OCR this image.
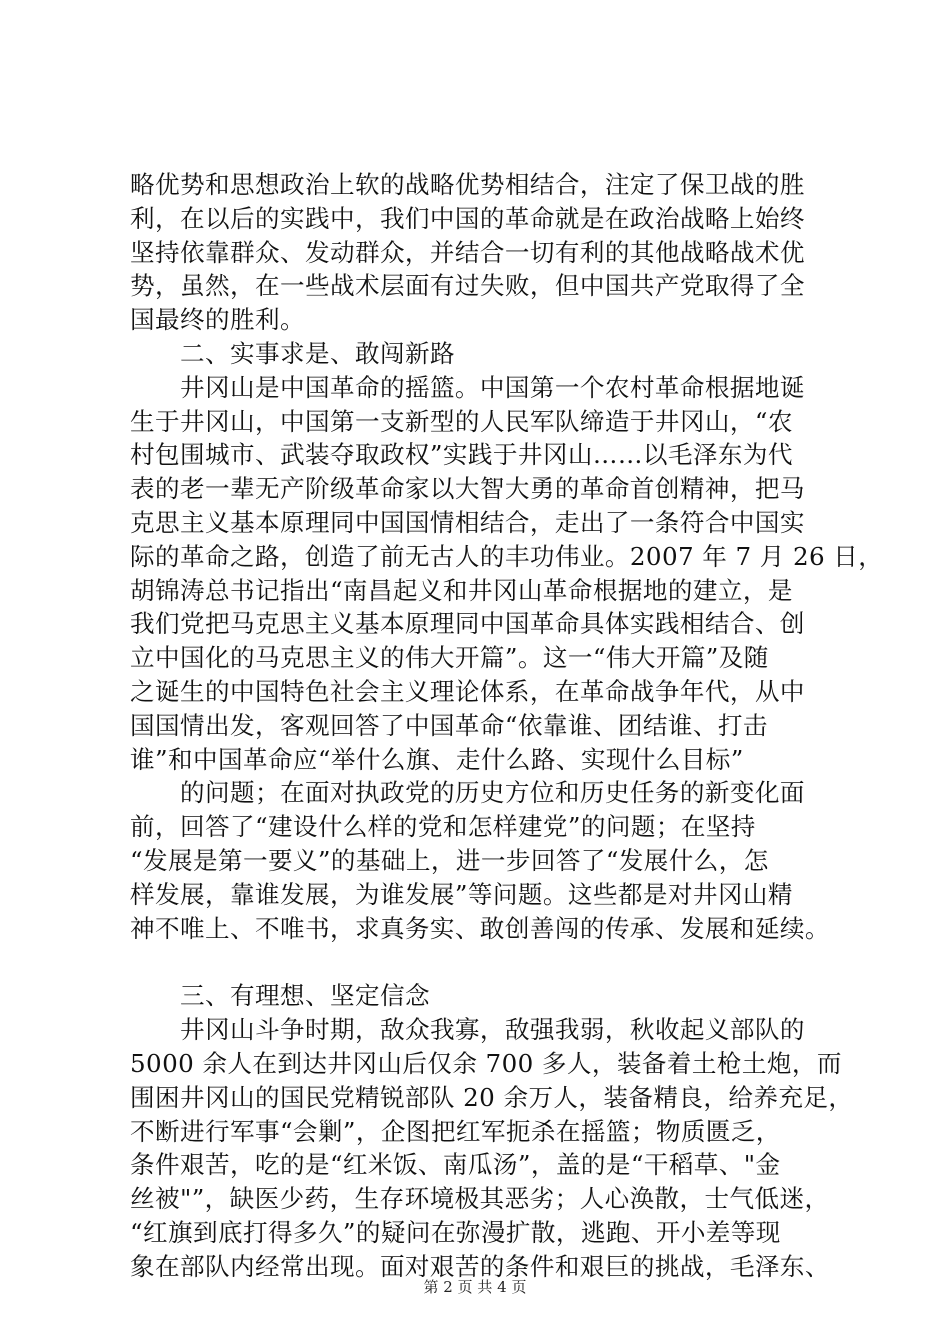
略优势和思想政治上软的战略优势相结合，注定了保卫战的胜
利，在以后的实践中，我们中国的革命就是在政治战略上始终
坚持依靠群众、发动群众，并结合一切有利的其他战略战术优
势，虽然，在一些战术层面有过失败，但中国共产党取得了全
国最终的胜利。
二、实事求是、敢闯新路
井冈山是中国革命的摇篮。中国第一个农村革命根据地诞
生于井冈山，中国第一支新型的人民军队缔造于井冈山，“农
村包围城市、武装夺取政权”实践于井冈山……以毛泽东为代
表的老一辈无产阶级革命家以大智大勇的革命首创精神，把马
克思主义基本原理同中国国情相结合，走出了一条符合中国实
际的革命之路，创造了前无古人的丰功伟业。2007 年 7 月 26 日，
胡锦涛总书记指出“南昌起义和井冈山革命根据地的建立，是
我们党把马克思主义基本原理同中国革命具体实践相结合、创
立中国化的马克思主义的伟大开篇”。这一“伟大开篇”及随
之诞生的中国特色社会主义理论体系，在革命战争年代，从中
国国情出发，客观回答了中国革命“依靠谁、团结谁、打击
谁”和中国革命应“举什么旗、走什么路、实现什么目标”
的问题；在面对执政党的历史方位和历史任务的新变化面
前，回答了“建设什么样的党和怎样建党”的问题；在坚持
“发展是第一要义”的基础上，进一步回答了“发展什么，怎
样发展，靠谁发展，为谁发展”等问题。这些都是对井冈山精
神不唯上、不唯书，求真务实、敢创善闯的传承、发展和延续。
三、有理想、坚定信念
井冈山斗争时期，敌众我寡，敌强我弱，秋收起义部队的
5000 余人在到达井冈山后仅余 700 多人，装备着土枪土炮，而
围困井冈山的国民党精锐部队 20 余万人，装备精良，给养充足，
不断进行军事“会剿”，企图把红军扼杀在摇篮；物质匮乏，
条件艰苦，吃的是“红米饭、南瓜汤”，盖的是“干稻草、"金
丝被"”，缺医少药，生存环境极其恶劣；人心涣散，士气低迷，
“红旗到底打得多久”的疑问在弥漫扩散，逃跑、开小差等现
象在部队内经常出现。面对艰苦的条件和艰巨的挑战，毛泽东、
第 2 页 共 4 页
